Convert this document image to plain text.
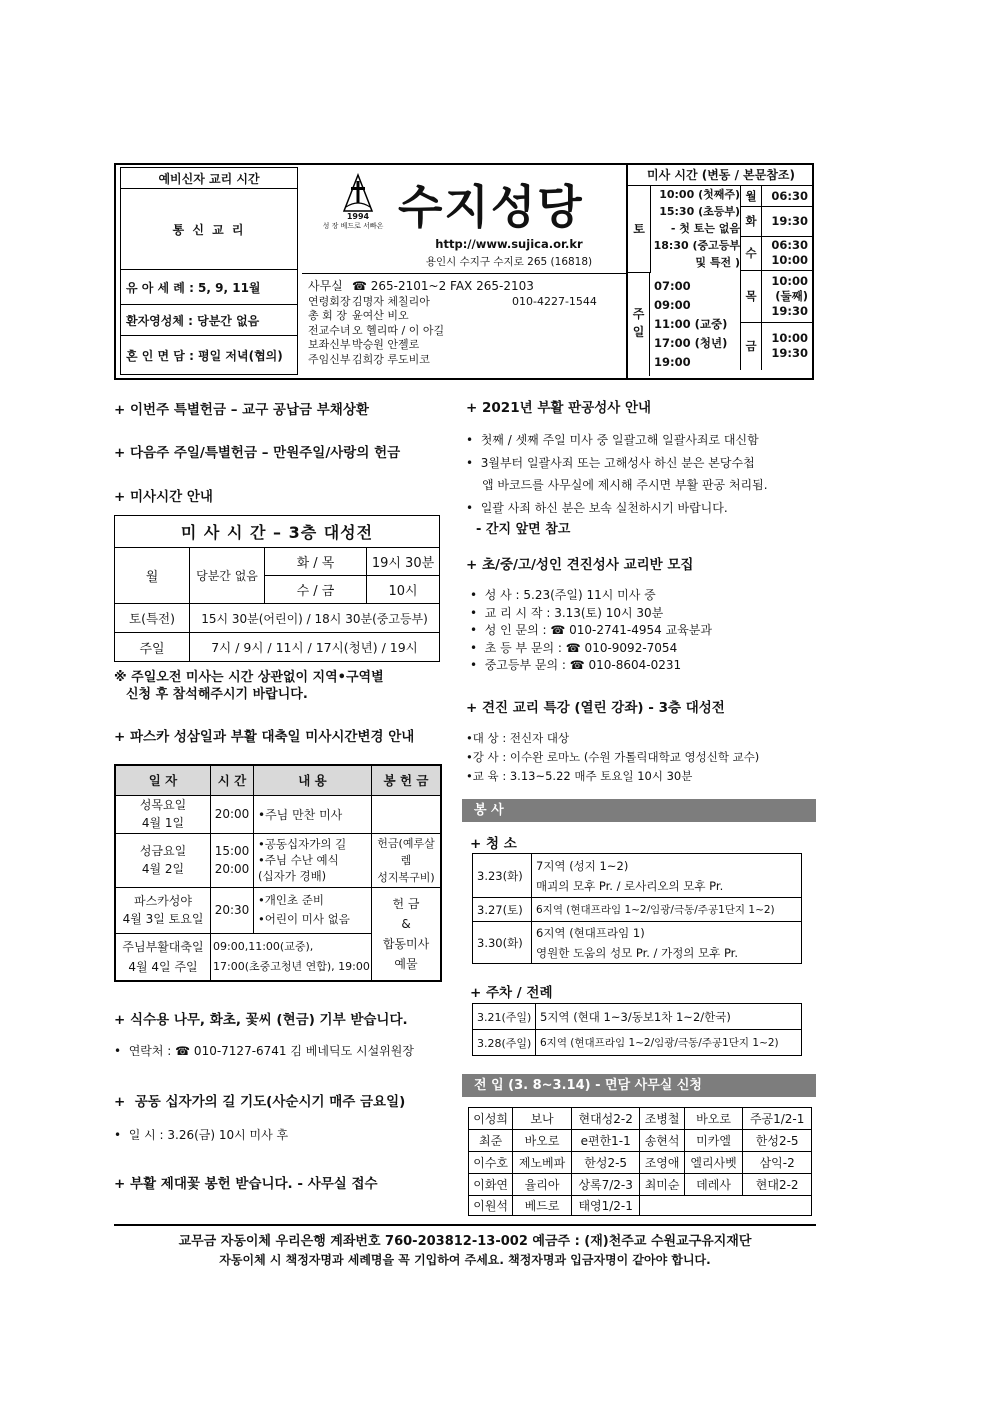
예비신자 교리 시간
통 신 교 리
유 아 세 례 : 5, 9, 11월
환자영성체 : 당분간 없음
혼 인 면 담 : 평일 저녁(협의)
1994
성 장 베드로 서빠온 수지성당
http://www.sujica.or.kr
용인시 수지구 수지로 265 (16818)
사무실 ☎ 265-2101~2 FAX 265-2103
연령회장김명자 체칠리아	010-4227-1544
총 회 장 윤여산 비오
전교수녀오 헬리따 / 이 아길
보좌신부박승원 안젤로
주임신부김희강 루도비코
미사 시간 (변동 / 본문참조)
토
10:00 (첫째주)
15:30 (초등부)
- 첫 토는 없음
18:30 (중고등부
및 특전 )
주일
07:00
09:00
11:00 (교중)
17:00 (청년)
19:00
월	06:30
화	19:30
수	06:30
10:00
목	10:00
(둘째)
19:30
금	10:00
19:30
+ 이번주 특별헌금 – 교구 공납금 부채상환
+ 다음주 주일/특별헌금 – 만원주일/사랑의 헌금
+ 미사시간 안내
미 사 시 간 – 3층 대성전			
월	당분간 없음	화 / 목	19시 30분
		수 / 금	10시
토(특전)	15시 30분(어린이) / 18시 30분(중고등부)		
주일	7시 / 9시 / 11시 / 17시(청년) / 19시		
※ 주일오전 미사는 시간 상관없이 지역•구역별
신청 후 참석해주시기 바랍니다.
+ 파스카 성삼일과 부활 대축일 미사시간변경 안내
일 자	시 간	내 용	봉 헌 금
성목요일
4월 1일	20:00	•주님 만찬 미사	
성금요일
4월 2일	15:00
20:00	•공동십자가의 길
•주님 수난 예식
(십자가 경배)	헌금(예루살렘
성지복구비)
파스카성야
4월 3일 토요일	20:30	•개인초 준비
•어린이 미사 없음	헌 금
&
합동미사
예물
주님부활대축일
4월 4일 주일	09:00,11:00(교중),
17:00(초중고청년 연합), 19:00		
+ 식수용 나무, 화초, 꽃씨 (현금) 기부 받습니다.
•  연락처 : ☎ 010-7127-6741 김 베네딕도 시설위원장
+  공동 십자가의 길 기도(사순시기 매주 금요일)
•  일 시 : 3.26(금) 10시 미사 후
+ 부활 제대꽃 봉헌 받습니다. - 사무실 접수
+ 2021년 부활 판공성사 안내
•  첫째 / 셋째 주일 미사 중 일괄고해 일괄사죄로 대신함
•  3월부터 일괄사죄 또는 고해성사 하신 분은 본당수첩
앱 바코드를 사무실에 제시해 주시면 부활 판공 처리됨.
•  일괄 사죄 하신 분은 보속 실천하시기 바랍니다.
- 간지 앞면 참고
+ 초/중/고/성인 견진성사 교리반 모집
•  성 사 : 5.23(주일) 11시 미사 중
•  교 리 시 작 : 3.13(토) 10시 30분
•  성 인 문의 : ☎ 010-2741-4954 교육분과
•  초 등 부 문의 : ☎ 010-9092-7054
•  중고등부 문의 : ☎ 010-8604-0231
+ 견진 교리 특강 (열린 강좌) - 3층 대성전
•대 상 : 전신자 대상
•강 사 : 이수완 로마노 (수원 가톨릭대학교 영성신학 교수)
•교 육 : 3.13~5.22 매주 토요일 10시 30분
봉 사
+ 청 소
3.23(화)	7지역 (성지 1~2)
매괴의 모후 Pr. / 로사리오의 모후 Pr.
3.27(토)	6지역 (현대프라임 1~2/임광/극동/주공1단지 1~2)
3.30(화)	6지역 (현대프라임 1)
영원한 도움의 성모 Pr. / 가정의 모후 Pr.
+ 주차 / 전례
3.21(주일)	5지역 (현대 1~3/동보1차 1~2/한국)
3.28(주일)	6지역 (현대프라임 1~2/임광/극동/주공1단지 1~2)
전 입 (3. 8~3.14) - 면담 사무실 신청
이성희	보나	현대성2-2	조병철	바오로	주공1/2-1
최준	바오로	e편한1-1	송현석	미카엘	한성2-5
이수호	제노베파	한성2-5	조영애	엘리사벳	삼익-2
이화연	율리아	상록7/2-3	최미순	데레사	현대2-2
이원석	베드로	태영1/2-1			
교무금 자동이체 우리은행 계좌번호 760-203812-13-002 예금주 : (재)천주교 수원교구유지재단
자동이체 시 책정자명과 세례명을 꼭 기입하여 주세요. 책정자명과 입금자명이 같아야 합니다.
